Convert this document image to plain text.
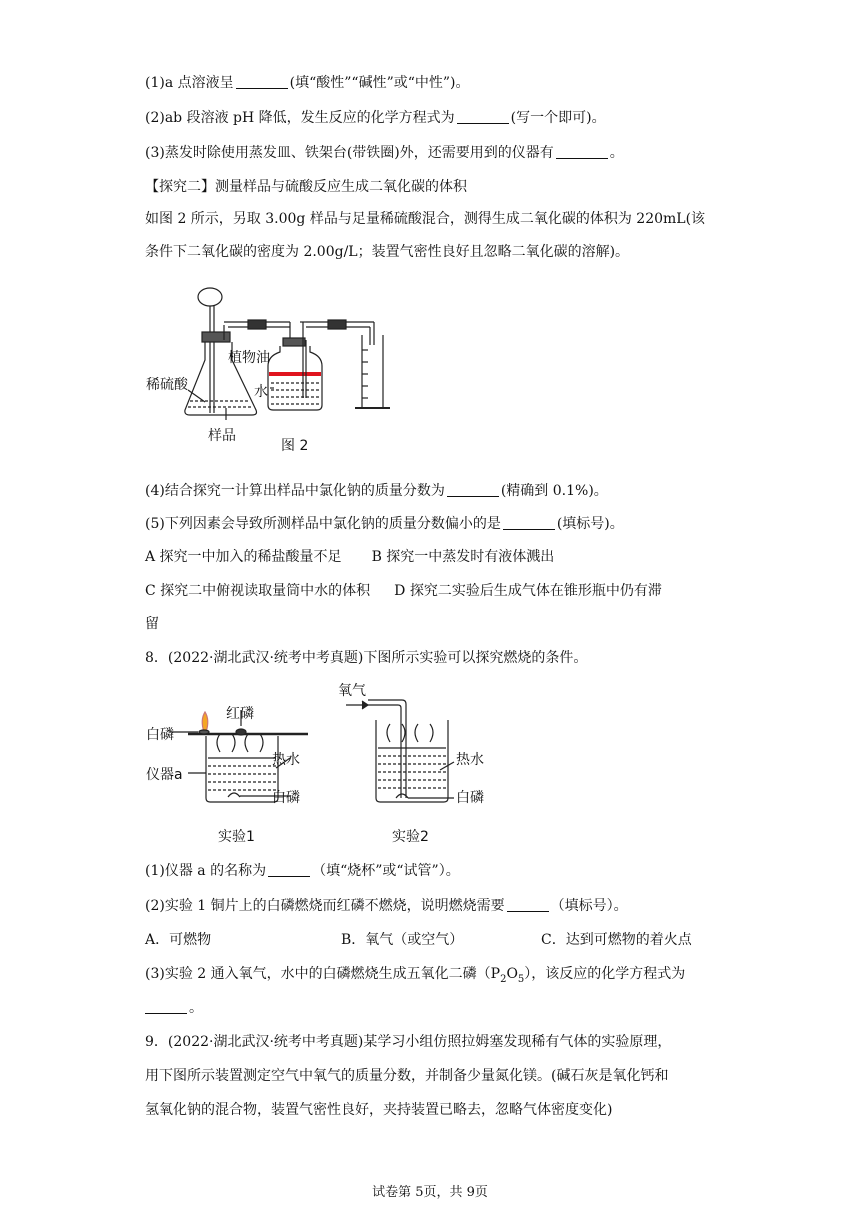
(1)a 点溶液呈	(填“酸性”“碱性”或“中性”)。
(2)ab 段溶液 pH 降低，发生反应的化学方程式为	(写一个即可)。
(3)蒸发时除使用蒸发皿、铁架台(带铁圈)外，还需要用到的仪器有	。
【探究二】测量样品与硫酸反应生成二氧化碳的体积
如图 2 所示，另取 3.00g 样品与足量稀硫酸混合，测得生成二氧化碳的体积为 220mL(该
条件下二氧化碳的密度为 2.00g/L；装置气密性良好且忽略二氧化碳的溶解)。
稀硫酸
植物油
水
样品
图 2
(4)结合探究一计算出样品中氯化钠的质量分数为	(精确到 0.1%)。
(5)下列因素会导致所测样品中氯化钠的质量分数偏小的是	(填标号)。
A 探究一中加入的稀盐酸量不足 B 探究一中蒸发时有液体溅出
C 探究二中俯视读取量筒中水的体积 D 探究二实验后生成气体在锥形瓶中仍有滞
留
8．(2022·湖北武汉·统考中考真题)下图所示实验可以探究燃烧的条件。
红磷
白磷
仪器a
热水
白磷
实验1
氧气
热水
白磷
实验2
(1)仪器 a 的名称为	（填“烧杯”或“试管”）。
(2)实验 1 铜片上的白磷燃烧而红磷不燃烧，说明燃烧需要	（填标号）。
A．可燃物	B．氧气（或空气）	C．达到可燃物的着火点
(3)实验 2 通入氧气，水中的白磷燃烧生成五氧化二磷$(P_2O_5)$，该反应的化学方程式为
。
9．(2022·湖北武汉·统考中考真题)某学习小组仿照拉姆塞发现稀有气体的实验原理，
用下图所示装置测定空气中氧气的质量分数，并制备少量氮化镁。(碱石灰是氧化钙和
氢氧化钠的混合物，装置气密性良好，夹持装置已略去，忽略气体密度变化)
试卷第 5页，共 9页
